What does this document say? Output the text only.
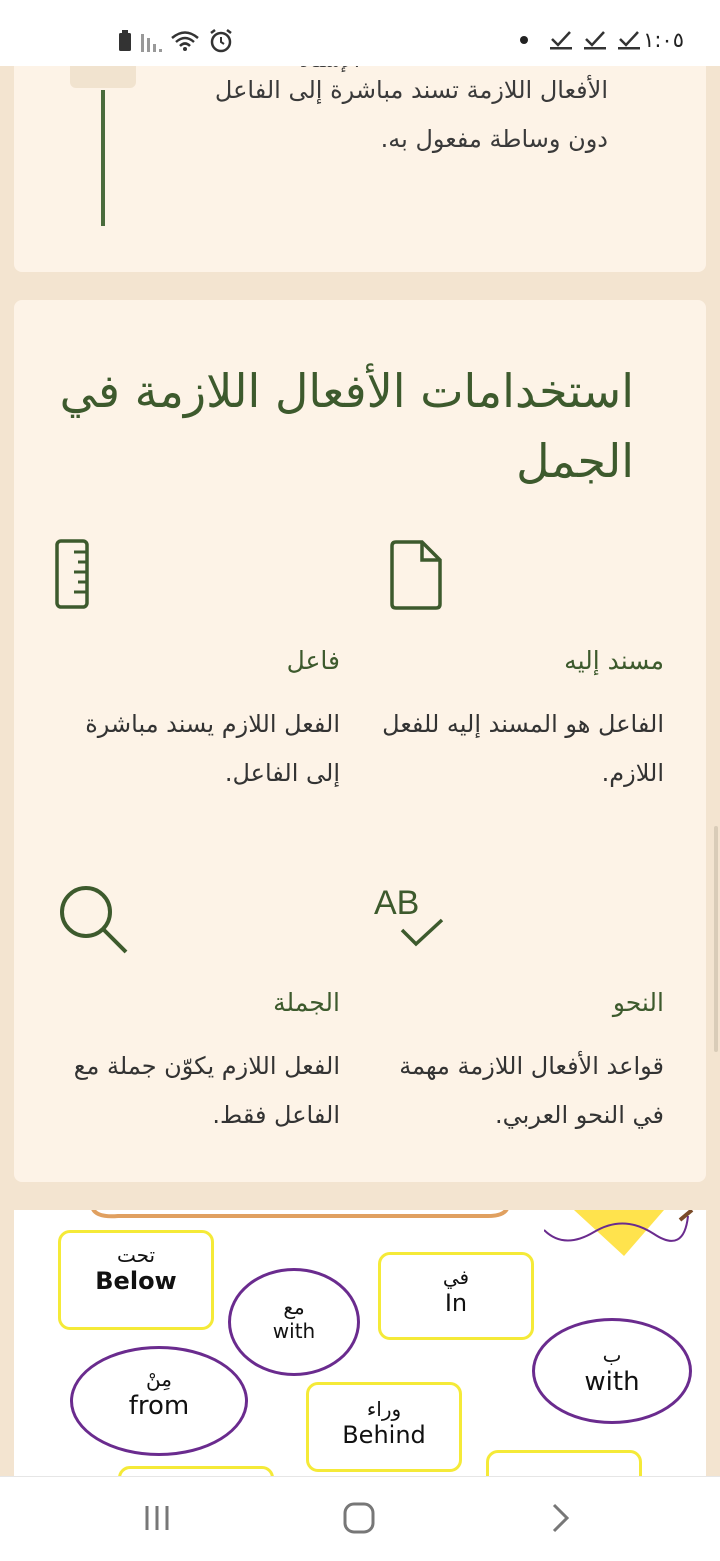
١:٠٥
الأفعال اللازمة تسند مباشرة إلى الفاعل دون وساطة مفعول به.
استخدامات الأفعال اللازمة في الجمل
مسند إليه
الفاعل هو المسند إليه للفعل اللازم.
فاعل
الفعل اللازم يسند مباشرة إلى الفاعل.
AB
النحو
قواعد الأفعال اللازمة مهمة في النحو العربي.
الجملة
الفعل اللازم يكوّن جملة مع الفاعل فقط.
تحت
Below
مع
with
في
In
ب
with
مِنْ
from	وراء
Behind
